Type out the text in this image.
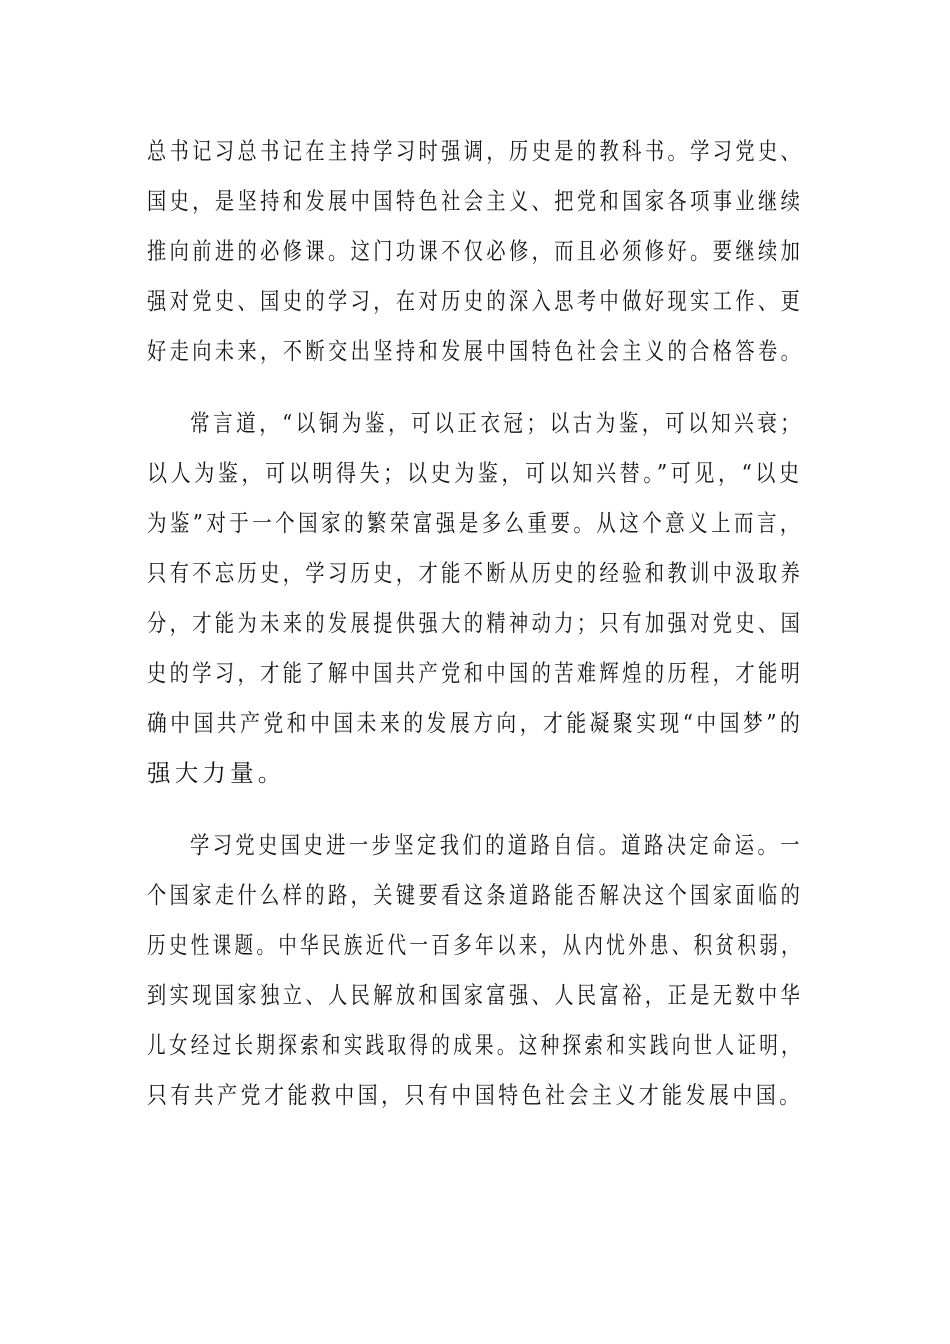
总书记习总书记在主持学习时强调，历史是的教科书。学习党史、
国史，是坚持和发展中国特色社会主义、把党和国家各项事业继续
推向前进的必修课。这门功课不仅必修，而且必须修好。要继续加
强对党史、国史的学习，在对历史的深入思考中做好现实工作、更
好走向未来，不断交出坚持和发展中国特色社会主义的合格答卷。
常言道，“以铜为鉴，可以正衣冠；以古为鉴，可以知兴衰；
以人为鉴，可以明得失；以史为鉴，可以知兴替。”可见，“以史
为鉴”对于一个国家的繁荣富强是多么重要。从这个意义上而言，
只有不忘历史，学习历史，才能不断从历史的经验和教训中汲取养
分，才能为未来的发展提供强大的精神动力；只有加强对党史、国
史的学习，才能了解中国共产党和中国的苦难辉煌的历程，才能明
确中国共产党和中国未来的发展方向，才能凝聚实现“中国梦”的
强大力量。
学习党史国史进一步坚定我们的道路自信。道路决定命运。一
个国家走什么样的路，关键要看这条道路能否解决这个国家面临的
历史性课题。中华民族近代一百多年以来，从内忧外患、积贫积弱，
到实现国家独立、人民解放和国家富强、人民富裕，正是无数中华
儿女经过长期探索和实践取得的成果。这种探索和实践向世人证明，
只有共产党才能救中国，只有中国特色社会主义才能发展中国。
